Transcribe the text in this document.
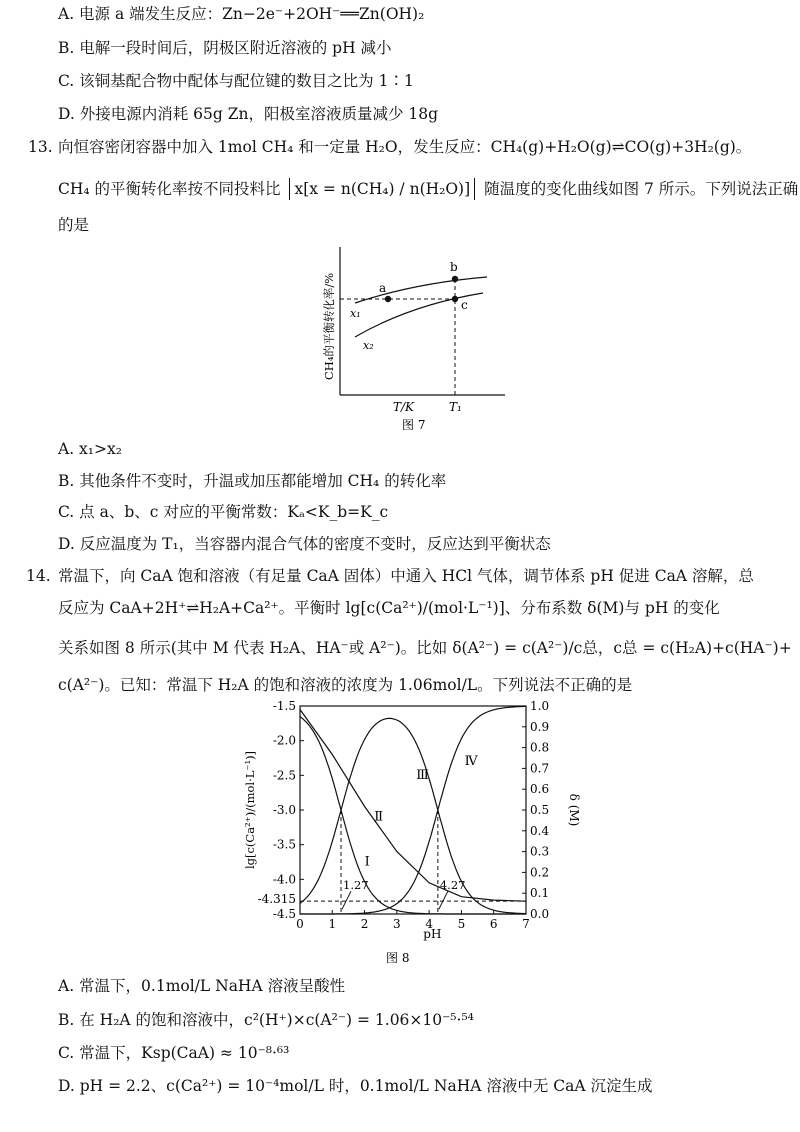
A. 电源 a 端发生反应：Zn−2e⁻+2OH⁻══Zn(OH)₂
B. 电解一段时间后，阴极区附近溶液的 pH 减小
C. 该铜基配合物中配体与配位键的数目之比为 1∶1
D. 外接电源内消耗 65g Zn，阳极室溶液质量减少 18g
13. 向恒容密闭容器中加入 1mol CH₄ 和一定量 H₂O，发生反应：CH₄(g)+H₂O(g)⇌CO(g)+3H₂(g)。
CH₄ 的平衡转化率按不同投料比 x[x = n(CH₄) / n(H₂O)] 随温度的变化曲线如图 7 所示。下列说法正确
的是
a
b
c
x₁
x₂
T/K	T₁
CH₄的平衡转化率/%
图 7
A. x₁>x₂
B. 其他条件不变时，升温或加压都能增加 CH₄ 的转化率
C. 点 a、b、c 对应的平衡常数：Kₐ<K_b=K_c
D. 反应温度为 T₁，当容器内混合气体的密度不变时，反应达到平衡状态
14. 常温下，向 CaA 饱和溶液（有足量 CaA 固体）中通入 HCl 气体，调节体系 pH 促进 CaA 溶解，总
反应为 CaA+2H⁺⇌H₂A+Ca²⁺。平衡时 lg[c(Ca²⁺)/(mol·L⁻¹)]、分布系数 δ(M)与 pH 的变化
关系如图 8 所示(其中 M 代表 H₂A、HA⁻或 A²⁻)。比如 δ(A²⁻) = c(A²⁻)/c总，c总 = c(H₂A)+c(HA⁻)+
c(A²⁻)。已知：常温下 H₂A 的饱和溶液的浓度为 1.06mol/L。下列说法不正确的是
图 8
0 1 2 3 4 5 6 7
-1.5
-2.0
-2.5
-3.0
-3.5
-4.0
-4.5
-4.315
1.0
0.9
0.8
0.7
0.6
0.5
0.4
0.3
0.2
0.1
0.0
pH
lg[c(Ca²⁺)/(mol·L⁻¹)]	δ (M)
Ⅰ
Ⅱ
Ⅲ
Ⅳ
1.27	4.27
A. 常温下，0.1mol/L NaHA 溶液呈酸性
B. 在 H₂A 的饱和溶液中，c²(H⁺)×c(A²⁻) = 1.06×10⁻⁵·⁵⁴
C. 常温下，Ksp(CaA) ≈ 10⁻⁸·⁶³
D. pH = 2.2、c(Ca²⁺) = 10⁻⁴mol/L 时，0.1mol/L NaHA 溶液中无 CaA 沉淀生成
